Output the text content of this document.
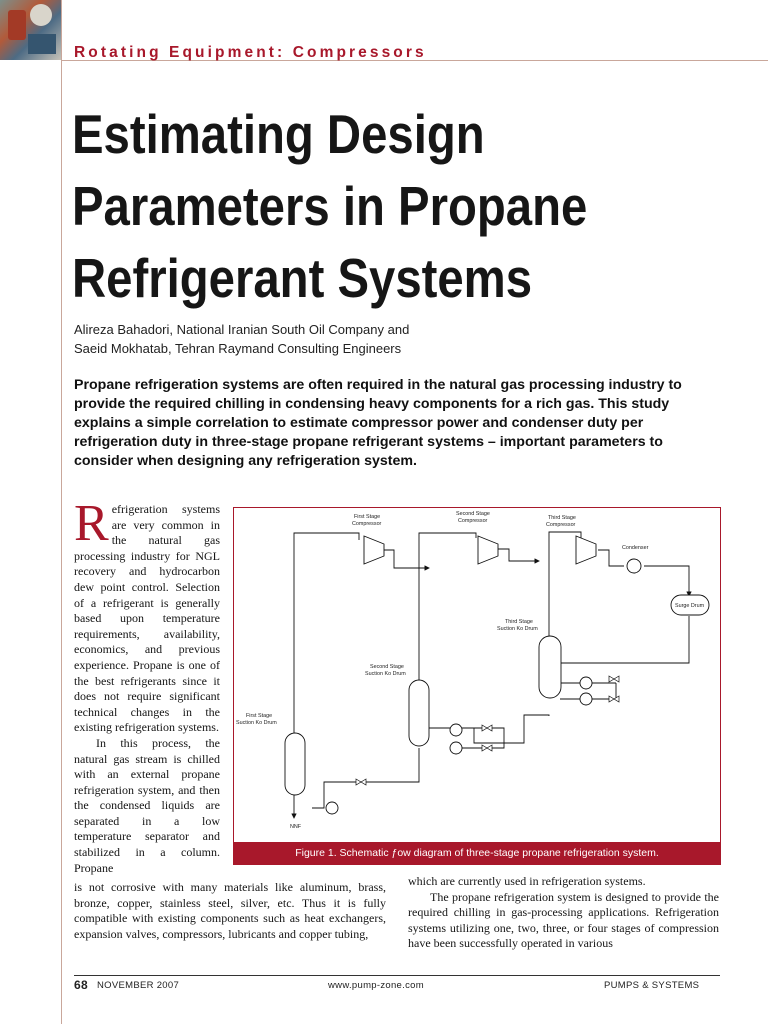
Rotating Equipment: Compressors
Estimating Design
Parameters in Propane
Refrigerant Systems
Alireza Bahadori, National Iranian South Oil Company and
Saeid Mokhatab, Tehran Raymand Consulting Engineers
Propane refrigeration systems are often required in the natural gas processing industry to provide the required chilling in condensing heavy components for a rich gas. This study explains a simple correlation to estimate compressor power and condenser duty per refrigeration duty in three-stage propane refrigerant systems – important parameters to consider when designing any refrigeration system.
Refrigeration systems are very common in the natural gas processing industry for NGL recovery and hydrocarbon dew point control. Selection of a refrigerant is generally based upon temperature requirements, availability, economics, and previous experience. Propane is one of the best refrigerants since it does not require significant technical changes in the existing refrigeration systems.
In this process, the natural gas stream is chilled with an external propane refrigeration system, and then the condensed liquids are separated in a low temperature separator and stabilized in a column. Propane
is not corrosive with many materials like aluminum, brass, bronze, copper, stainless steel, silver, etc. Thus it is fully compatible with existing components such as heat exchangers, expansion valves, compressors, lubricants and copper tubing,
which are currently used in refrigeration systems.
The propane refrigeration system is designed to provide the required chilling in gas-processing applications. Refrigeration systems utilizing one, two, three, or four stages of compression have been successfully operated in various
First Stage
Compressor
Second Stage
Compressor	Third Stage
Compressor
Condenser
Surge Drum
Third Stage
Suction Ko Drum
Second Stage
Suction Ko Drum
First Stage
Suction Ko Drum
NNF
Figure 1. Schematic ƒow diagram of three-stage propane refrigeration system.
68 NOVEMBER 2007	www.pump-zone.com	PUMPS & SYSTEMS
